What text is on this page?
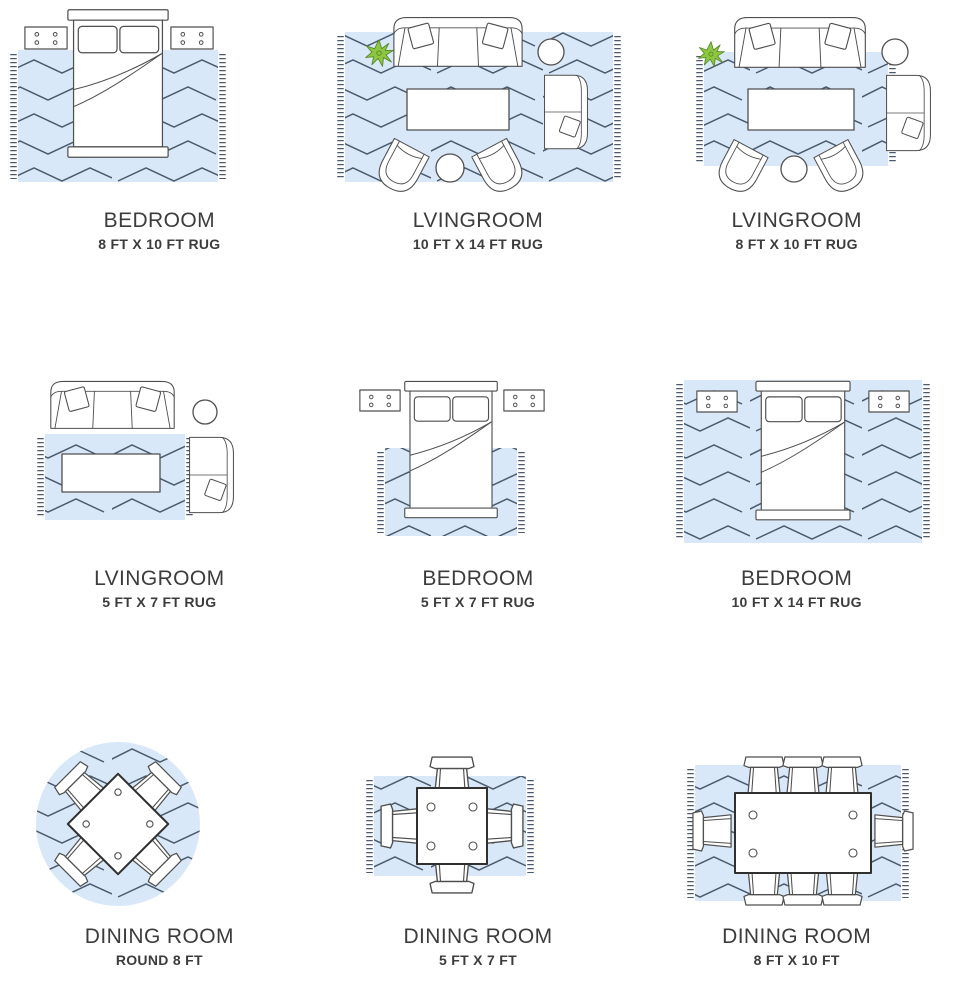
BEDROOM
8 FT X 10 FT RUG
LVINGROOM
10 FT X 14 FT RUG
LVINGROOM
8 FT X 10 FT RUG
LVINGROOM
5 FT X 7 FT RUG
BEDROOM
5 FT X 7 FT RUG
BEDROOM
10 FT X 14 FT RUG
DINING ROOM
ROUND 8 FT
DINING ROOM
5 FT X 7 FT
DINING ROOM
8 FT X 10 FT
